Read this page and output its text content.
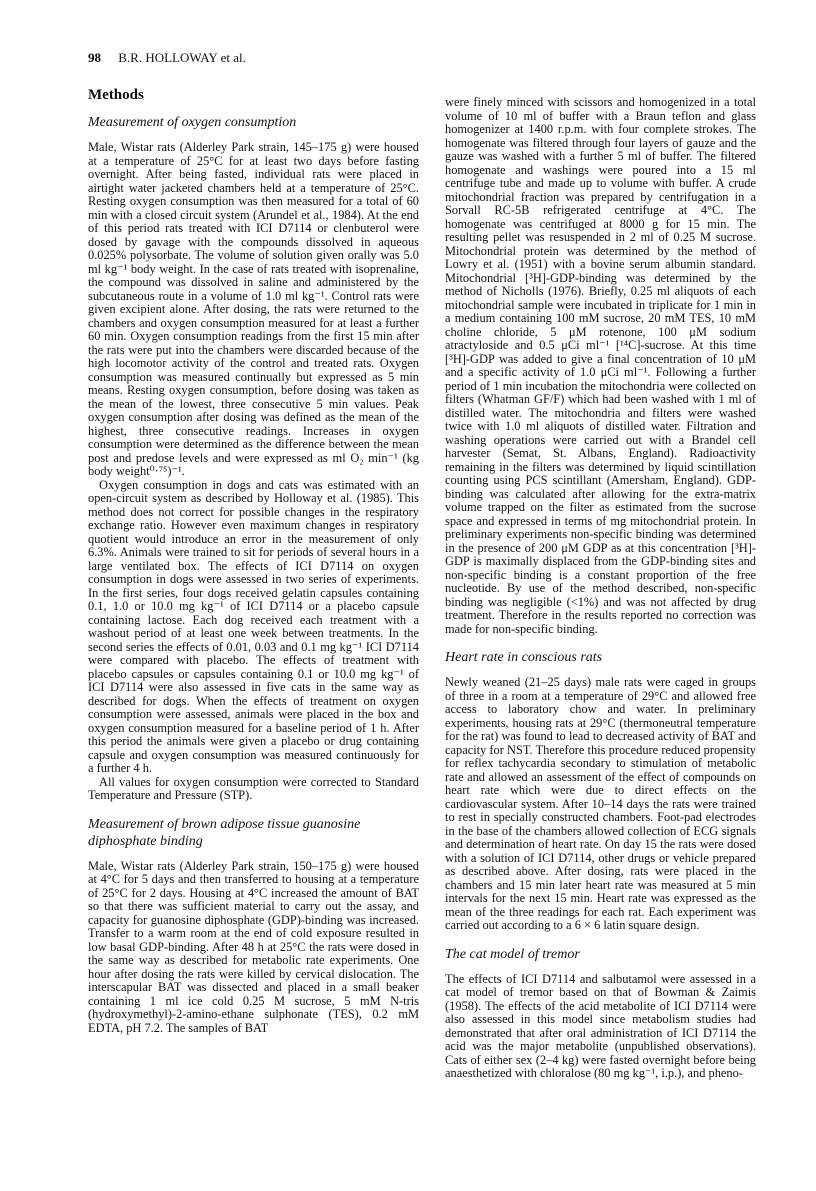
98 B.R. HOLLOWAY et al.
Methods
Measurement of oxygen consumption

Male, Wistar rats (Alderley Park strain, 145–175 g) were housed at a temperature of 25°C for at least two days before fasting overnight. After being fasted, individual rats were placed in airtight water jacketed chambers held at a temperature of 25°C. Resting oxygen consumption was then measured for a total of 60 min with a closed circuit system (Arundel et al., 1984). At the end of this period rats treated with ICI D7114 or clenbuterol were dosed by gavage with the compounds dissolved in aqueous 0.025% polysorbate. The volume of solution given orally was 5.0 ml kg⁻¹ body weight. In the case of rats treated with isoprenaline, the compound was dissolved in saline and administered by the subcutaneous route in a volume of 1.0 ml kg⁻¹. Control rats were given excipient alone. After dosing, the rats were returned to the chambers and oxygen consumption measured for at least a further 60 min. Oxygen consumption readings from the first 15 min after the rats were put into the chambers were discarded because of the high locomotor activity of the control and treated rats. Oxygen consumption was measured continually but expressed as 5 min means. Resting oxygen consumption, before dosing was taken as the mean of the lowest, three consecutive 5 min values. Peak oxygen consumption after dosing was defined as the mean of the highest, three consecutive readings. Increases in oxygen consumption were determined as the difference between the mean post and predose levels and were expressed as ml O₂ min⁻¹ (kg body weight⁰·⁷⁵)⁻¹.

Oxygen consumption in dogs and cats was estimated with an open-circuit system as described by Holloway et al. (1985). This method does not correct for possible changes in the respiratory exchange ratio. However even maximum changes in respiratory quotient would introduce an error in the measurement of only 6.3%. Animals were trained to sit for periods of several hours in a large ventilated box. The effects of ICI D7114 on oxygen consumption in dogs were assessed in two series of experiments. In the first series, four dogs received gelatin capsules containing 0.1, 1.0 or 10.0 mg kg⁻¹ of ICI D7114 or a placebo capsule containing lactose. Each dog received each treatment with a washout period of at least one week between treatments. In the second series the effects of 0.01, 0.03 and 0.1 mg kg⁻¹ ICI D7114 were compared with placebo. The effects of treatment with placebo capsules or capsules containing 0.1 or 10.0 mg kg⁻¹ of ICI D7114 were also assessed in five cats in the same way as described for dogs. When the effects of treatment on oxygen consumption were assessed, animals were placed in the box and oxygen consumption measured for a baseline period of 1 h. After this period the animals were given a placebo or drug containing capsule and oxygen consumption was measured continuously for a further 4 h.

All values for oxygen consumption were corrected to Standard Temperature and Pressure (STP).

Measurement of brown adipose tissue guanosine diphosphate binding

Male, Wistar rats (Alderley Park strain, 150–175 g) were housed at 4°C for 5 days and then transferred to housing at a temperature of 25°C for 2 days. Housing at 4°C increased the amount of BAT so that there was sufficient material to carry out the assay, and capacity for guanosine diphosphate (GDP)-binding was increased. Transfer to a warm room at the end of cold exposure resulted in low basal GDP-binding. After 48 h at 25°C the rats were dosed in the same way as described for metabolic rate experiments. One hour after dosing the rats were killed by cervical dislocation. The interscapular BAT was dissected and placed in a small beaker containing 1 ml ice cold 0.25 M sucrose, 5 mM N-tris (hydroxymethyl)-2-amino-ethane sulphonate (TES), 0.2 mM EDTA, pH 7.2. The samples of BAT

were finely minced with scissors and homogenized in a total volume of 10 ml of buffer with a Braun teflon and glass homogenizer at 1400 r.p.m. with four complete strokes. The homogenate was filtered through four layers of gauze and the gauze was washed with a further 5 ml of buffer. The filtered homogenate and washings were poured into a 15 ml centrifuge tube and made up to volume with buffer. A crude mitochondrial fraction was prepared by centrifugation in a Sorvall RC-5B refrigerated centrifuge at 4°C. The homogenate was centrifuged at 8000 g for 15 min. The resulting pellet was resuspended in 2 ml of 0.25 M sucrose. Mitochondrial protein was determined by the method of Lowry et al. (1951) with a bovine serum albumin standard. Mitochondrial [³H]-GDP-binding was determined by the method of Nicholls (1976). Briefly, 0.25 ml aliquots of each mitochondrial sample were incubated in triplicate for 1 min in a medium containing 100 mM sucrose, 20 mM TES, 10 mM choline chloride, 5 μM rotenone, 100 μM sodium atractyloside and 0.5 μCi ml⁻¹ [¹⁴C]-sucrose. At this time [³H]-GDP was added to give a final concentration of 10 μM and a specific activity of 1.0 μCi ml⁻¹. Following a further period of 1 min incubation the mitochondria were collected on filters (Whatman GF/F) which had been washed with 1 ml of distilled water. The mitochondria and filters were washed twice with 1.0 ml aliquots of distilled water. Filtration and washing operations were carried out with a Brandel cell harvester (Semat, St. Albans, England). Radioactivity remaining in the filters was determined by liquid scintillation counting using PCS scintillant (Amersham, England). GDP-binding was calculated after allowing for the extra-matrix volume trapped on the filter as estimated from the sucrose space and expressed in terms of mg mitochondrial protein. In preliminary experiments non-specific binding was determined in the presence of 200 μM GDP as at this concentration [³H]-GDP is maximally displaced from the GDP-binding sites and non-specific binding is a constant proportion of the free nucleotide. By use of the method described, non-specific binding was negligible (<1%) and was not affected by drug treatment. Therefore in the results reported no correction was made for non-specific binding.

Heart rate in conscious rats

Newly weaned (21–25 days) male rats were caged in groups of three in a room at a temperature of 29°C and allowed free access to laboratory chow and water. In preliminary experiments, housing rats at 29°C (thermoneutral temperature for the rat) was found to lead to decreased activity of BAT and capacity for NST. Therefore this procedure reduced propensity for reflex tachycardia secondary to stimulation of metabolic rate and allowed an assessment of the effect of compounds on heart rate which were due to direct effects on the cardiovascular system. After 10–14 days the rats were trained to rest in specially constructed chambers. Foot-pad electrodes in the base of the chambers allowed collection of ECG signals and determination of heart rate. On day 15 the rats were dosed with a solution of ICI D7114, other drugs or vehicle prepared as described above. After dosing, rats were placed in the chambers and 15 min later heart rate was measured at 5 min intervals for the next 15 min. Heart rate was expressed as the mean of the three readings for each rat. Each experiment was carried out according to a 6 × 6 latin square design.

The cat model of tremor

The effects of ICI D7114 and salbutamol were assessed in a cat model of tremor based on that of Bowman & Zaimis (1958). The effects of the acid metabolite of ICI D7114 were also assessed in this model since metabolism studies had demonstrated that after oral administration of ICI D7114 the acid was the major metabolite (unpublished observations). Cats of either sex (2–4 kg) were fasted overnight before being anaesthetized with chloralose (80 mg kg⁻¹, i.p.), and pheno-
